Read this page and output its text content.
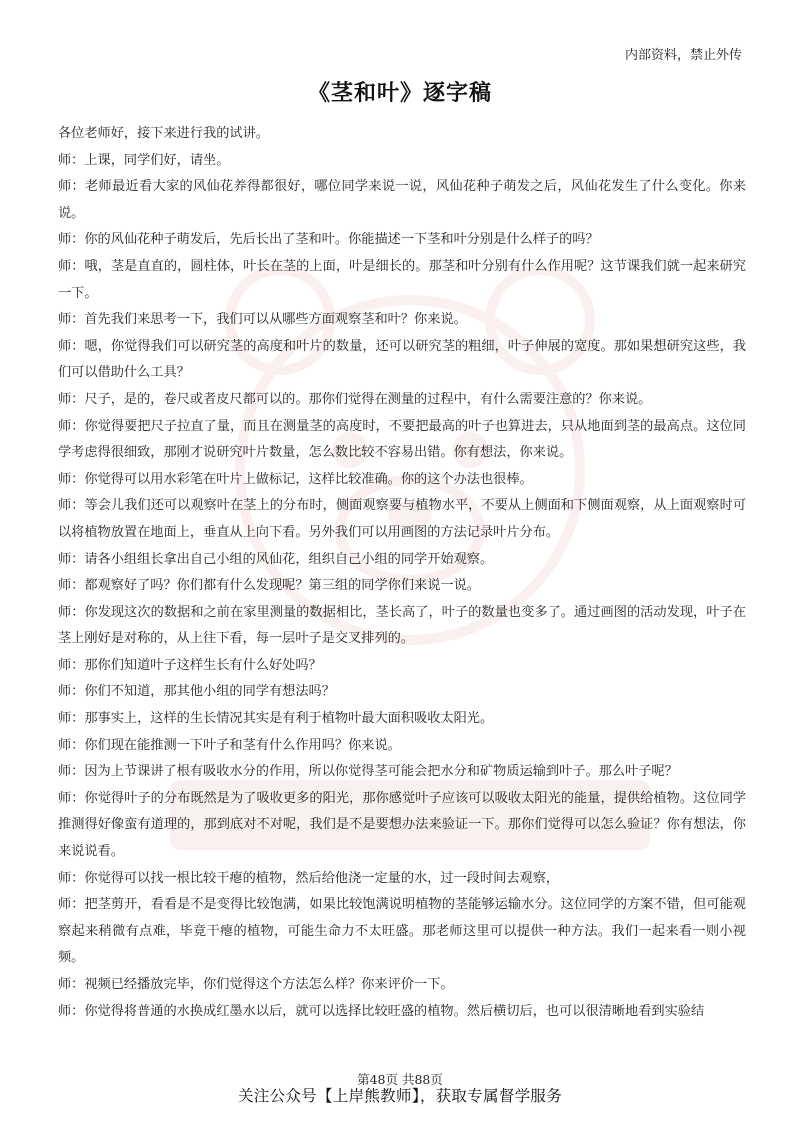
内部资料，禁止外传
《茎和叶》逐字稿

各位老师好，接下来进行我的试讲。

师：上课，同学们好，请坐。

师：老师最近看大家的风仙花养得都很好，哪位同学来说一说，风仙花种子萌发之后，风仙花发生了什么变化。你来说。

师：你的风仙花种子萌发后，先后长出了茎和叶。你能描述一下茎和叶分别是什么样子的吗？

师：哦，茎是直直的，圆柱体，叶长在茎的上面，叶是细长的。那茎和叶分别有什么作用呢？这节课我们就一起来研究一下。

师：首先我们来思考一下，我们可以从哪些方面观察茎和叶？你来说。

师：嗯，你觉得我们可以研究茎的高度和叶片的数量，还可以研究茎的粗细，叶子伸展的宽度。那如果想研究这些，我们可以借助什么工具？

师：尺子，是的，卷尺或者皮尺都可以的。那你们觉得在测量的过程中，有什么需要注意的？你来说。

师：你觉得要把尺子拉直了量，而且在测量茎的高度时，不要把最高的叶子也算进去，只从地面到茎的最高点。这位同学考虑得很细致，那刚才说研究叶片数量，怎么数比较不容易出错。你有想法，你来说。

师：你觉得可以用水彩笔在叶片上做标记，这样比较准确。你的这个办法也很棒。

师：等会儿我们还可以观察叶在茎上的分布时，侧面观察要与植物水平，不要从上侧面和下侧面观察，从上面观察时可以将植物放置在地面上，垂直从上向下看。另外我们可以用画图的方法记录叶片分布。

师：请各小组组长拿出自己小组的风仙花，组织自己小组的同学开始观察。

师：都观察好了吗？你们都有什么发现呢？第三组的同学你们来说一说。

师：你发现这次的数据和之前在家里测量的数据相比，茎长高了，叶子的数量也变多了。通过画图的活动发现，叶子在茎上刚好是对称的，从上往下看，每一层叶子是交叉排列的。

师：那你们知道叶子这样生长有什么好处吗？

师：你们不知道，那其他小组的同学有想法吗？

师：那事实上，这样的生长情况其实是有利于植物叶最大面积吸收太阳光。

师：你们现在能推测一下叶子和茎有什么作用吗？你来说。

师：因为上节课讲了根有吸收水分的作用，所以你觉得茎可能会把水分和矿物质运输到叶子。那么叶子呢？

师：你觉得叶子的分布既然是为了吸收更多的阳光，那你感觉叶子应该可以吸收太阳光的能量，提供给植物。这位同学推测得好像蛮有道理的，那到底对不对呢，我们是不是要想办法来验证一下。那你们觉得可以怎么验证？你有想法，你来说说看。

师：你觉得可以找一根比较干瘪的植物，然后给他浇一定量的水，过一段时间去观察，

师：把茎剪开，看看是不是变得比较饱满，如果比较饱满说明植物的茎能够运输水分。这位同学的方案不错，但可能观察起来稍微有点难，毕竟干瘪的植物，可能生命力不太旺盛。那老师这里可以提供一种方法。我们一起来看一则小视频。

师：视频已经播放完毕，你们觉得这个方法怎么样？你来评价一下。

师：你觉得将普通的水换成红墨水以后，就可以选择比较旺盛的植物。然后横切后，也可以很清晰地看到实验结

第48页 共88页
关注公众号【上岸熊教师】，获取专属督学服务
